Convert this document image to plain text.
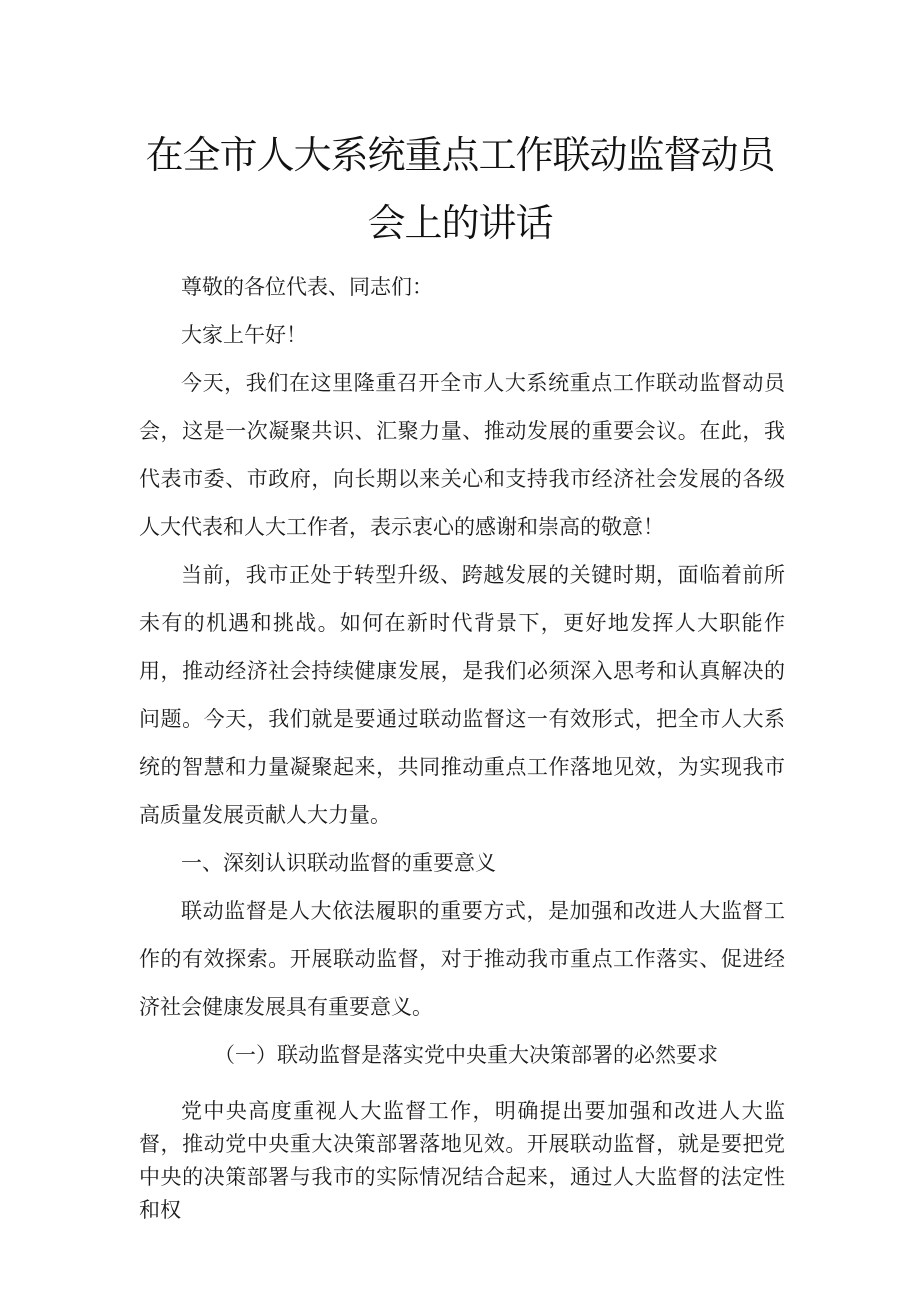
在全市人大系统重点工作联动监督动员
会上的讲话

尊敬的各位代表、同志们：

大家上午好！

今天，我们在这里隆重召开全市人大系统重点工作联动监督动员会，这是一次凝聚共识、汇聚力量、推动发展的重要会议。在此，我代表市委、市政府，向长期以来关心和支持我市经济社会发展的各级人大代表和人大工作者，表示衷心的感谢和崇高的敬意！

当前，我市正处于转型升级、跨越发展的关键时期，面临着前所未有的机遇和挑战。如何在新时代背景下，更好地发挥人大职能作用，推动经济社会持续健康发展，是我们必须深入思考和认真解决的问题。今天，我们就是要通过联动监督这一有效形式，把全市人大系统的智慧和力量凝聚起来，共同推动重点工作落地见效，为实现我市高质量发展贡献人大力量。

一、深刻认识联动监督的重要意义

联动监督是人大依法履职的重要方式，是加强和改进人大监督工作的有效探索。开展联动监督，对于推动我市重点工作落实、促进经济社会健康发展具有重要意义。

（一）联动监督是落实党中央重大决策部署的必然要求

党中央高度重视人大监督工作，明确提出要加强和改进人大监督，推动党中央重大决策部署落地见效。开展联动监督，就是要把党中央的决策部署与我市的实际情况结合起来，通过人大监督的法定性和权
